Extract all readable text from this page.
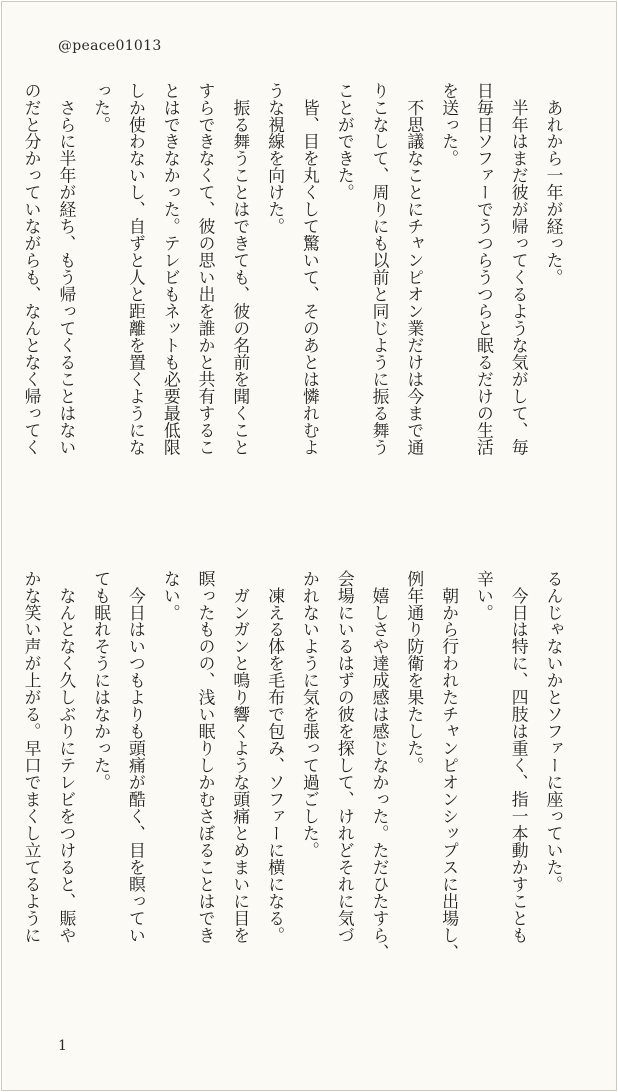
@peace01013
　あれから一年が経った。
　半年はまだ彼が帰ってくるような気がして、毎
日毎日ソファーでうつらうつらと眠るだけの生活
を送った。
　不思議なことにチャンピオン業だけは今まで通
りこなして、周りにも以前と同じように振る舞う
ことができた。
　皆、目を丸くして驚いて、そのあとは憐れむよ
うな視線を向けた。
　振る舞うことはできても、彼の名前を聞くこと
すらできなくて、彼の思い出を誰かと共有するこ
とはできなかった。テレビもネットも必要最低限
しか使わないし、自ずと人と距離を置くようにな
った。
　さらに半年が経ち、もう帰ってくることはない
のだと分かっていながらも、なんとなく帰ってく
るんじゃないかとソファーに座っていた。
　今日は特に、四肢は重く、指一本動かすことも
辛い。
　朝から行われたチャンピオンシップスに出場し、
例年通り防衛を果たした。
　嬉しさや達成感は感じなかった。ただひたすら、
会場にいるはずの彼を探して、けれどそれに気づ
かれないように気を張って過ごした。
　凍える体を毛布で包み、ソファーに横になる。
　ガンガンと鳴り響くような頭痛とめまいに目を
瞑ったものの、浅い眠りしかむさぼることはでき
ない。
　今日はいつもよりも頭痛が酷く、目を瞑ってい
ても眠れそうにはなかった。
　なんとなく久しぶりにテレビをつけると、賑や
かな笑い声が上がる。早口でまくし立てるように
1
